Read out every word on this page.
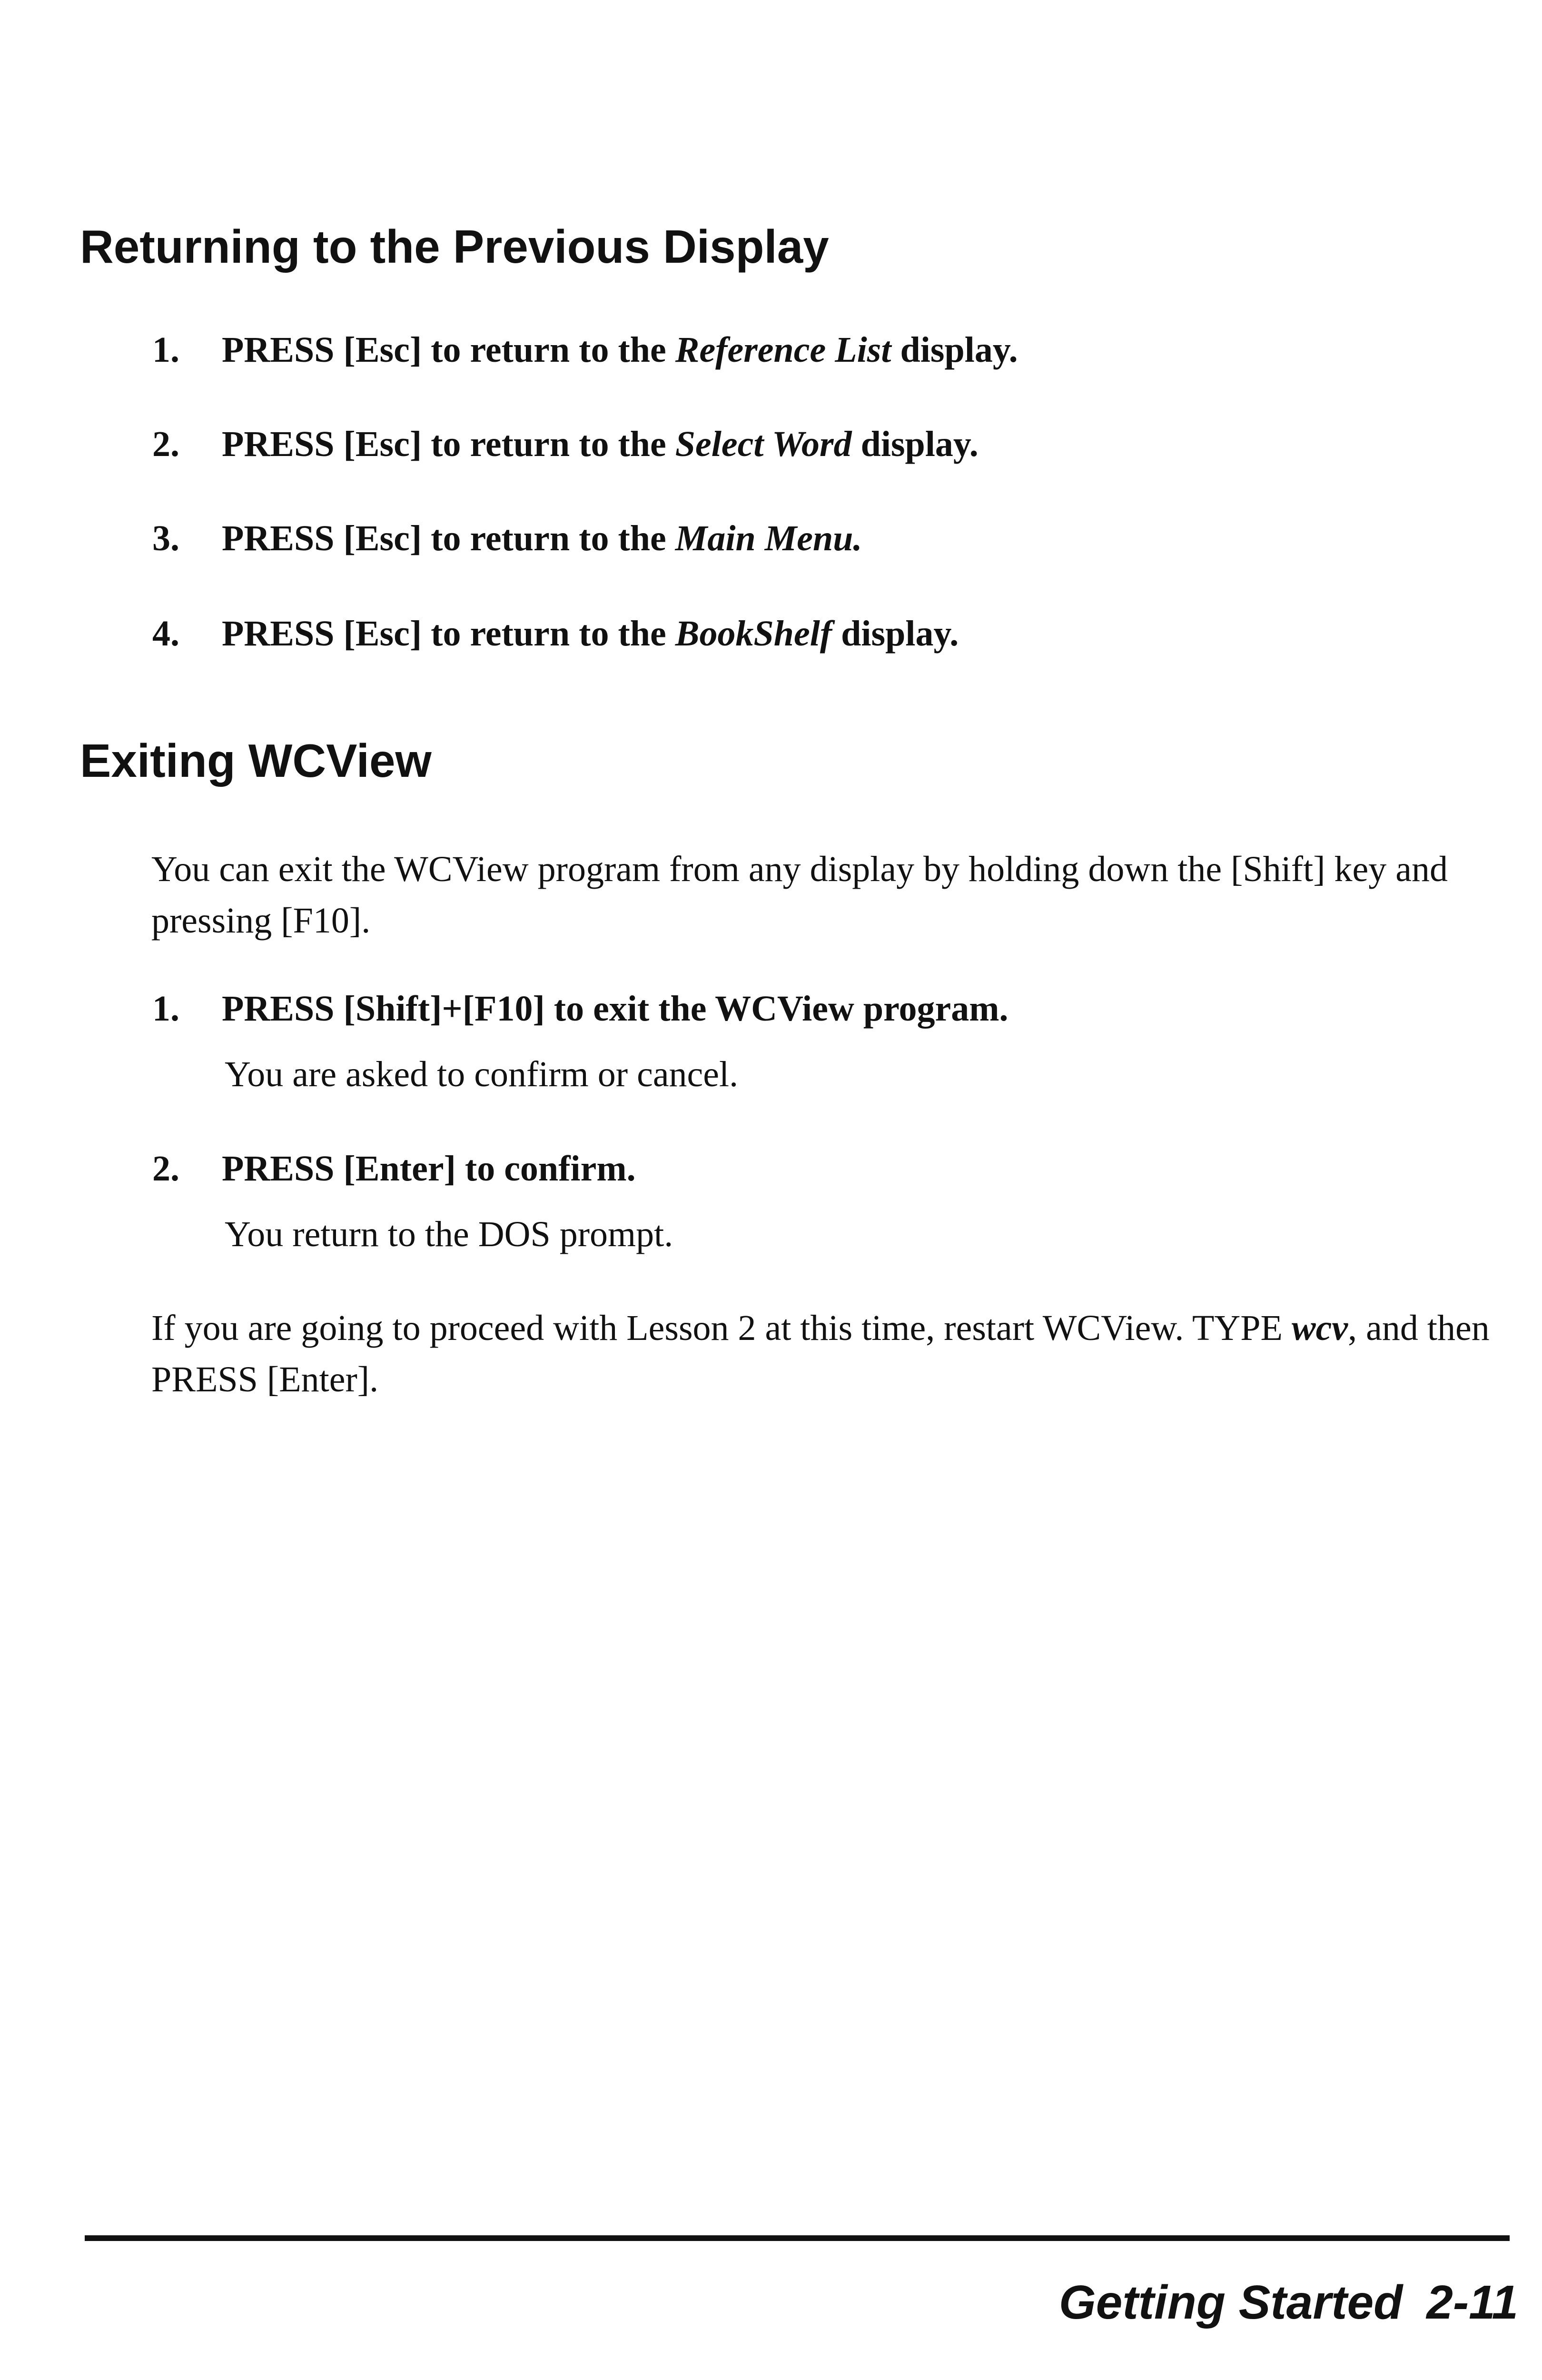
Returning to the Previous Display
1. PRESS [Esc] to return to the Reference List display.
2. PRESS [Esc] to return to the Select Word display.
3. PRESS [Esc] to return to the Main Menu.
4. PRESS [Esc] to return to the BookShelf display.
Exiting WCView

You can exit the WCView program from any display by holding down the [Shift] key and pressing [F10].

1. PRESS [Shift]+[F10] to exit the WCView program.
You are asked to confirm or cancel.
2. PRESS [Enter] to confirm.
You return to the DOS prompt.

If you are going to proceed with Lesson 2 at this time, restart WCView. TYPE wcv, and then PRESS [Enter].

Getting Started 2-11
